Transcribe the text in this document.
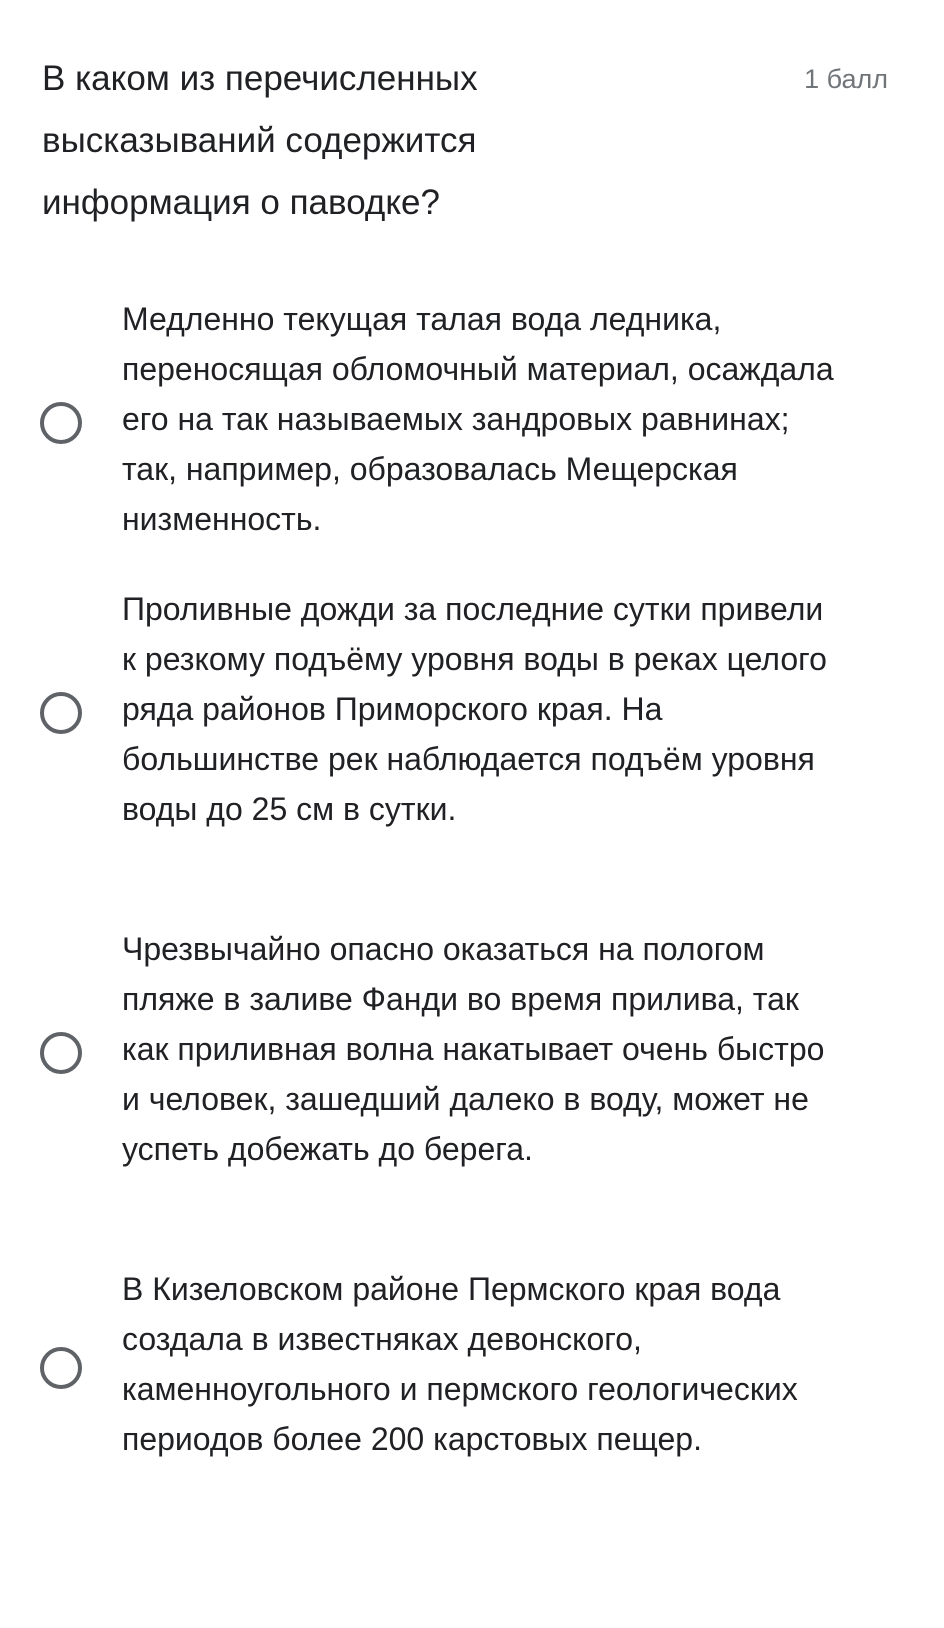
В каком из перечисленных высказываний содержится информация о паводке?
1 балл
Медленно текущая талая вода ледника, переносящая обломочный материал, осаждала его на так называемых зандровых равнинах; так, например, образовалась Мещерская низменность.
Проливные дожди за последние сутки привели к резкому подъёму уровня воды в реках целого ряда районов Приморского края. На большинстве рек наблюдается подъём уровня воды до 25 см в сутки.
Чрезвычайно опасно оказаться на пологом пляже в заливе Фанди во время прилива, так как приливная волна накатывает очень быстро и человек, зашедший далеко в воду, может не успеть добежать до берега.
В Кизеловском районе Пермского края вода создала в известняках девонского, каменноугольного и пермского геологических периодов более 200 карстовых пещер.
